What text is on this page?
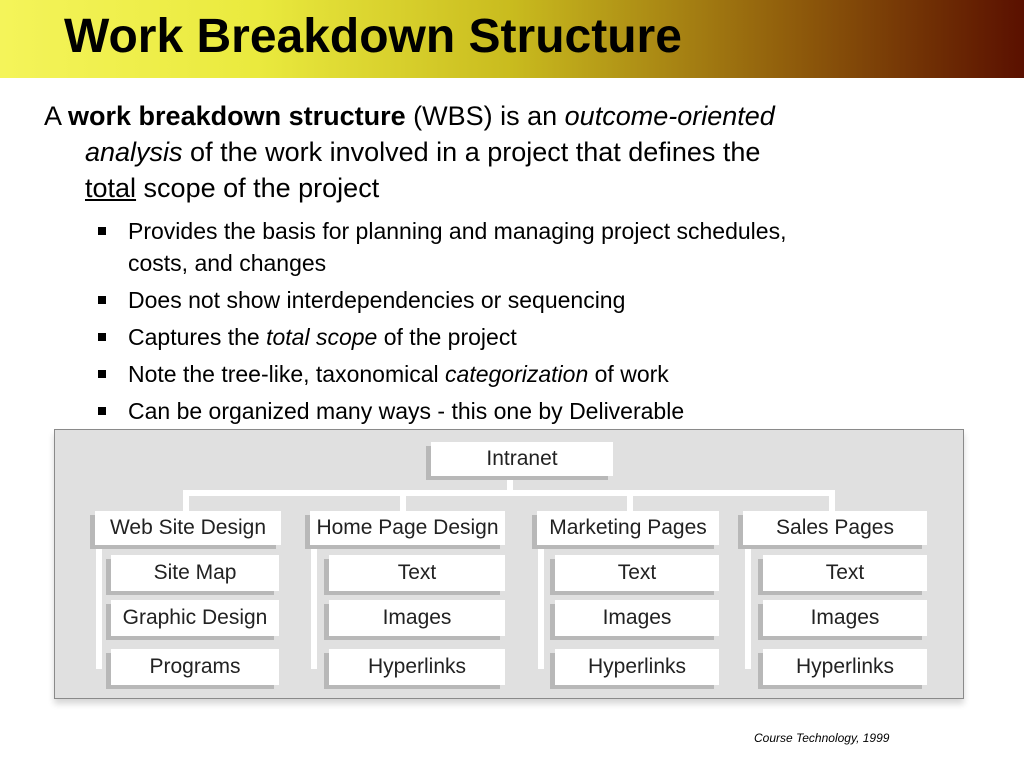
Work Breakdown Structure
A work breakdown structure (WBS) is an outcome-oriented
analysis of the work involved in a project that defines the
total scope of the project
Provides the basis for planning and managing project schedules,
costs, and changes
Does not show interdependencies or sequencing
Captures the total scope of the project
Note the tree-like, taxonomical categorization of work
Can be organized many ways - this one by Deliverable
Intranet
Web Site Design
Site Map
Graphic Design
Programs
Home Page Design
Text
Images
Hyperlinks
Marketing Pages
Text
Images
Hyperlinks
Sales Pages
Text
Images
Hyperlinks
Course Technology, 1999
